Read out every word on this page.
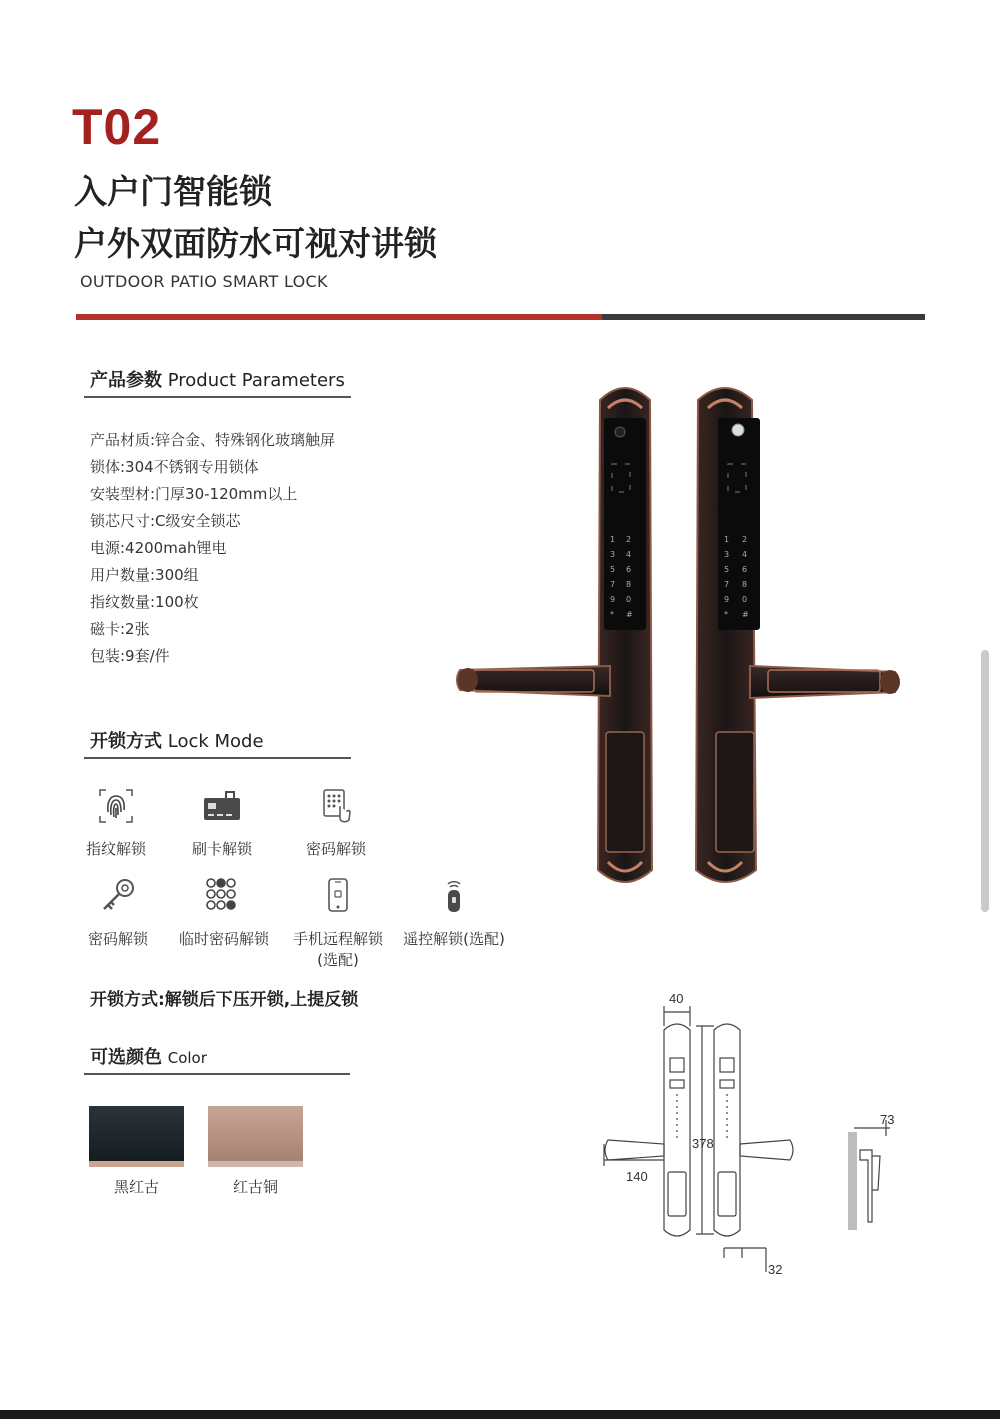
T02
入户门智能锁
户外双面防水可视对讲锁
OUTDOOR PATIO SMART LOCK
产品参数 Product Parameters
产品材质:锌合金、特殊钢化玻璃触屏
锁体:304不锈钢专用锁体
安装型材:门厚30-120mm以上
锁芯尺寸:C级安全锁芯
电源:4200mah锂电
用户数量:300组
指纹数量:100枚
磁卡:2张
包装:9套/件
开锁方式 Lock Mode
指纹解锁	刷卡解锁	密码解锁
密码解锁	临时密码解锁	手机远程解锁
(选配)
遥控解锁(选配)
开锁方式:解锁后下压开锁,上提反锁
可选颜色 Color
黑红古	红古铜
1 2
3 4
5 6
7 8
9 0
* #
1 2
3 4
5 6
7 8
9 0
* #
40
378
140
73
32
